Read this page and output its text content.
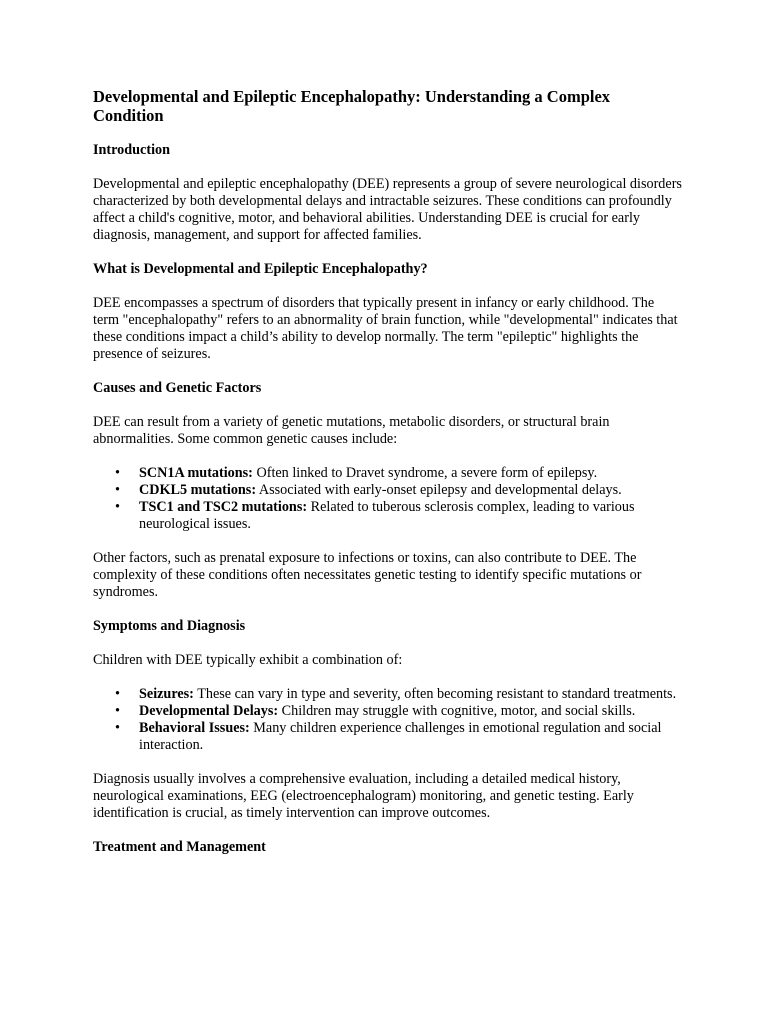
Developmental and Epileptic Encephalopathy: Understanding a Complex Condition
Introduction

Developmental and epileptic encephalopathy (DEE) represents a group of severe neurological disorders characterized by both developmental delays and intractable seizures. These conditions can profoundly affect a child's cognitive, motor, and behavioral abilities. Understanding DEE is crucial for early diagnosis, management, and support for affected families.

What is Developmental and Epileptic Encephalopathy?

DEE encompasses a spectrum of disorders that typically present in infancy or early childhood. The term "encephalopathy" refers to an abnormality of brain function, while "developmental" indicates that these conditions impact a child’s ability to develop normally. The term "epileptic" highlights the presence of seizures.

Causes and Genetic Factors

DEE can result from a variety of genetic mutations, metabolic disorders, or structural brain abnormalities. Some common genetic causes include:

• SCN1A mutations: Often linked to Dravet syndrome, a severe form of epilepsy.
• CDKL5 mutations: Associated with early-onset epilepsy and developmental delays.
• TSC1 and TSC2 mutations: Related to tuberous sclerosis complex, leading to various neurological issues.

Other factors, such as prenatal exposure to infections or toxins, can also contribute to DEE. The complexity of these conditions often necessitates genetic testing to identify specific mutations or syndromes.

Symptoms and Diagnosis

Children with DEE typically exhibit a combination of:

• Seizures: These can vary in type and severity, often becoming resistant to standard treatments.
• Developmental Delays: Children may struggle with cognitive, motor, and social skills.
• Behavioral Issues: Many children experience challenges in emotional regulation and social interaction.

Diagnosis usually involves a comprehensive evaluation, including a detailed medical history, neurological examinations, EEG (electroencephalogram) monitoring, and genetic testing. Early identification is crucial, as timely intervention can improve outcomes.

Treatment and Management
